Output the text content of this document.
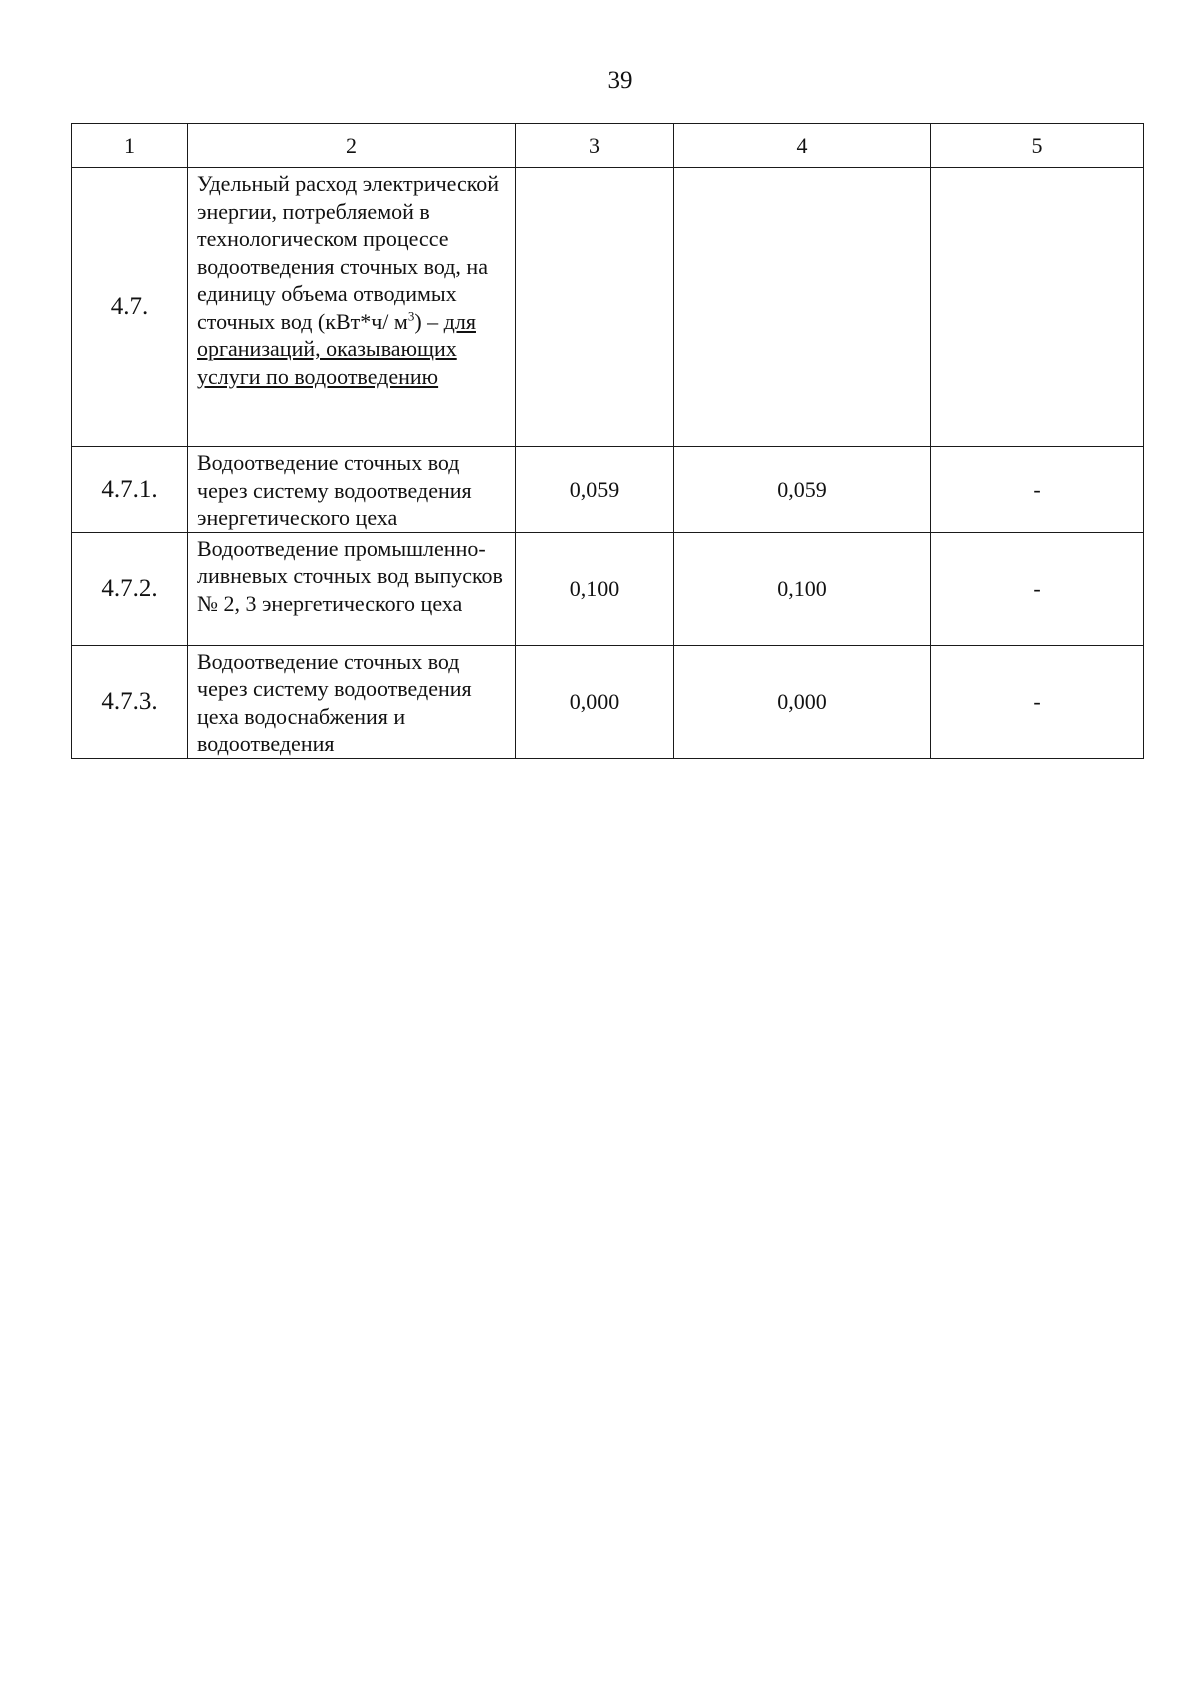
39
1	2	3	4	5
4.7.	Удельный расход электрической энергии, потребляемой в технологическом процессе водоотведения сточных вод, на единицу объема отводимых сточных вод (кВт*ч/ $м^3$) – для организаций, оказывающих услуги по водоотведению			
4.7.1.	Водоотведение сточных вод через систему водоотведения энергетического цеха	0,059	0,059	-
4.7.2.	Водоотведение промышленно-ливневых сточных вод выпусков № 2, 3 энергетического цеха	0,100	0,100	-
4.7.3.	Водоотведение сточных вод через систему водоотведения цеха водоснабжения и водоотведения	0,000	0,000	-
